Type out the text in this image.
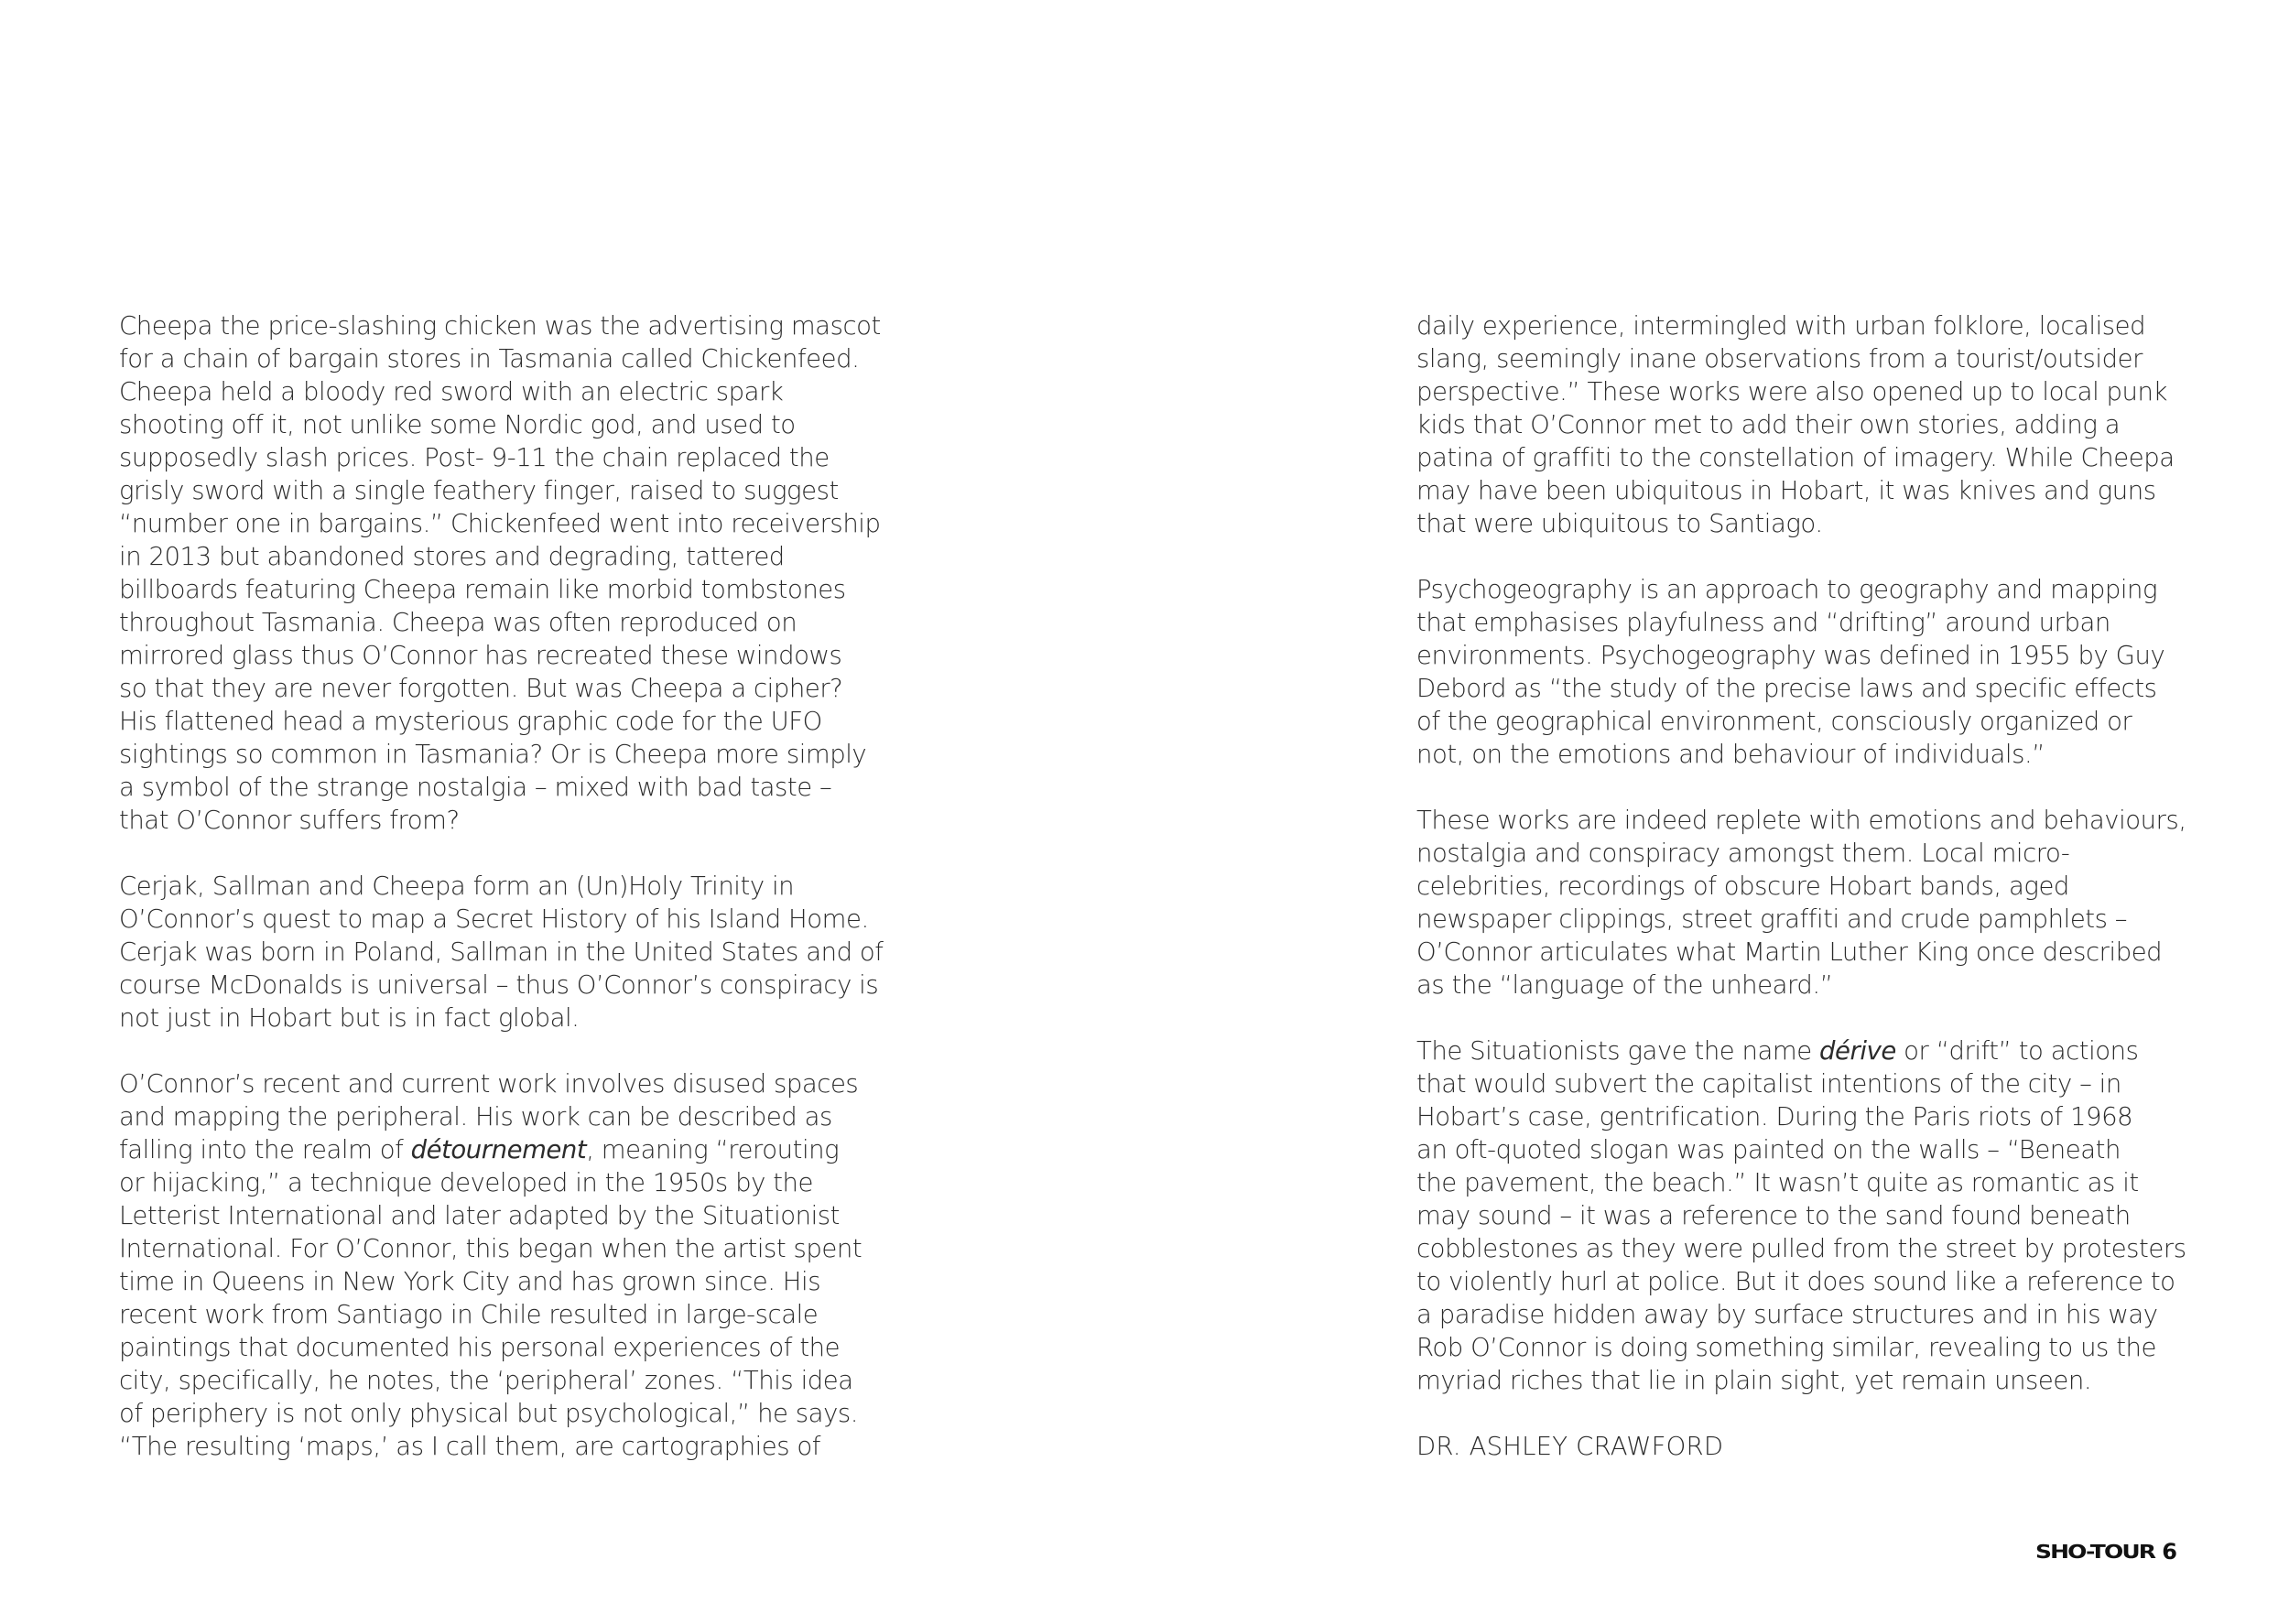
Cheepa the price-slashing chicken was the advertising mascot
for a chain of bargain stores in Tasmania called Chickenfeed.
Cheepa held a bloody red sword with an electric spark
shooting off it, not unlike some Nordic god, and used to
supposedly slash prices. Post- 9-11 the chain replaced the
grisly sword with a single feathery finger, raised to suggest
“number one in bargains.” Chickenfeed went into receivership
in 2013 but abandoned stores and degrading, tattered
billboards featuring Cheepa remain like morbid tombstones
throughout Tasmania. Cheepa was often reproduced on
mirrored glass thus O’Connor has recreated these windows
so that they are never forgotten. But was Cheepa a cipher?
His flattened head a mysterious graphic code for the UFO
sightings so common in Tasmania? Or is Cheepa more simply
a symbol of the strange nostalgia – mixed with bad taste –
that O’Connor suffers from?

Cerjak, Sallman and Cheepa form an (Un)Holy Trinity in
O’Connor’s quest to map a Secret History of his Island Home.
Cerjak was born in Poland, Sallman in the United States and of
course McDonalds is universal – thus O’Connor’s conspiracy is
not just in Hobart but is in fact global.

O’Connor’s recent and current work involves disused spaces
and mapping the peripheral. His work can be described as
falling into the realm of détournement, meaning “rerouting
or hijacking,” a technique developed in the 1950s by the
Letterist International and later adapted by the Situationist
International. For O’Connor, this began when the artist spent
time in Queens in New York City and has grown since. His
recent work from Santiago in Chile resulted in large-scale
paintings that documented his personal experiences of the
city, specifically, he notes, the ‘peripheral’ zones. “This idea
of periphery is not only physical but psychological,” he says.
“The resulting ‘maps,’ as I call them, are cartographies of

daily experience, intermingled with urban folklore, localised
slang, seemingly inane observations from a tourist/outsider
perspective.” These works were also opened up to local punk
kids that O’Connor met to add their own stories, adding a
patina of graffiti to the constellation of imagery. While Cheepa
may have been ubiquitous in Hobart, it was knives and guns
that were ubiquitous to Santiago.

Psychogeography is an approach to geography and mapping
that emphasises playfulness and “drifting” around urban
environments. Psychogeography was defined in 1955 by Guy
Debord as “the study of the precise laws and specific effects
of the geographical environment, consciously organized or
not, on the emotions and behaviour of individuals.”

These works are indeed replete with emotions and behaviours,
nostalgia and conspiracy amongst them. Local micro-
celebrities, recordings of obscure Hobart bands, aged
newspaper clippings, street graffiti and crude pamphlets –
O’Connor articulates what Martin Luther King once described
as the “language of the unheard.”

The Situationists gave the name dérive or “drift” to actions
that would subvert the capitalist intentions of the city – in
Hobart’s case, gentrification. During the Paris riots of 1968
an oft-quoted slogan was painted on the walls – “Beneath
the pavement, the beach.” It wasn’t quite as romantic as it
may sound – it was a reference to the sand found beneath
cobblestones as they were pulled from the street by protesters
to violently hurl at police. But it does sound like a reference to
a paradise hidden away by surface structures and in his way
Rob O’Connor is doing something similar, revealing to us the
myriad riches that lie in plain sight, yet remain unseen.

DR. ASHLEY CRAWFORD

SHO-TOUR 6
